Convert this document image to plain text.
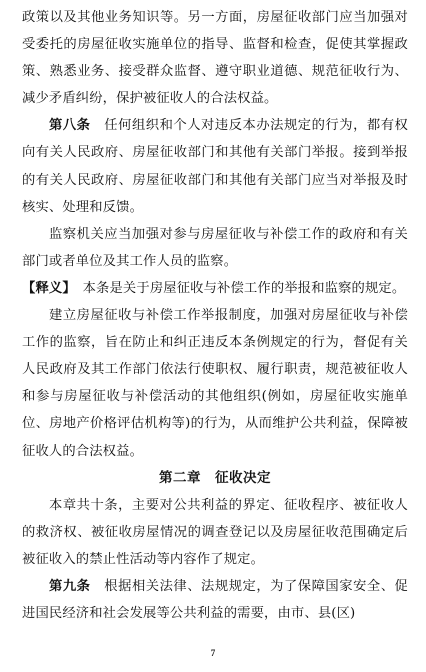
政策以及其他业务知识等。另一方面，房屋征收部门应当加强对受委托的房屋征收实施单位的指导、监督和检查，促使其掌握政策、熟悉业务、接受群众监督、遵守职业道德、规范征收行为、减少矛盾纠纷，保护被征收人的合法权益。

第八条　 任何组织和个人对违反本办法规定的行为，都有权向有关人民政府、房屋征收部门和其他有关部门举报。接到举报的有关人民政府、房屋征收部门和其他有关部门应当对举报及时核实、处理和反馈。

监察机关应当加强对参与房屋征收与补偿工作的政府和有关部门或者单位及其工作人员的监察。

【释义】　 本条是关于房屋征收与补偿工作的举报和监察的规定。

建立房屋征收与补偿工作举报制度，加强对房屋征收与补偿工作的监察，旨在防止和纠正违反本条例规定的行为，督促有关人民政府及其工作部门依法行使职权、履行职责，规范被征收人和参与房屋征收与补偿活动的其他组织(例如，房屋征收实施单位、房地产价格评估机构等)的行为，从而维护公共利益，保障被征收人的合法权益。

第二章　征收决定

本章共十条，主要对公共利益的界定、征收程序、被征收人的救济权、被征收房屋情况的调查登记以及房屋征收范围确定后被征收入的禁止性活动等内容作了规定。

第九条　 根据相关法律、法规规定，为了保障国家安全、促进国民经济和社会发展等公共利益的需要，由市、县(区)

7
